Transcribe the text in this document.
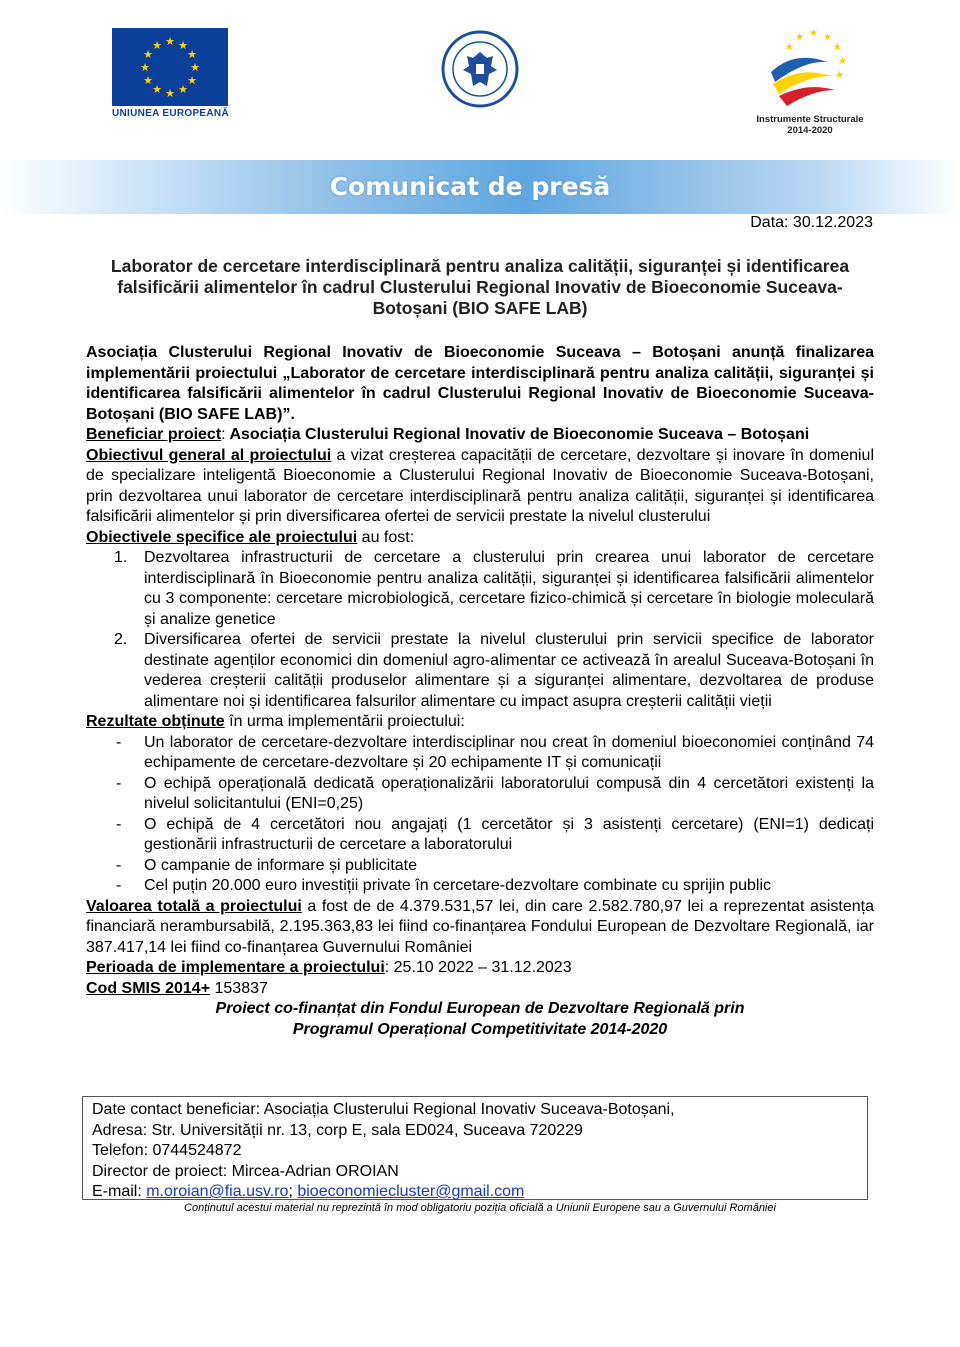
★ ★
★
★
★
★
★
★
★
★
★
★
UNIUNEA EUROPEANĂ
★ ★ ★
★
★
★
★
Instrumente Structurale
2014-2020
Comunicat de presă
Data: 30.12.2023
Laborator de cercetare interdisciplinară pentru analiza calității, siguranței și identificarea falsificării alimentelor în cadrul Clusterului Regional Inovativ de Bioeconomie Suceava-Botoșani (BIO SAFE LAB)

Asociația Clusterului Regional Inovativ de Bioeconomie Suceava – Botoșani anunță finalizarea implementării proiectului „Laborator de cercetare interdisciplinară pentru analiza calității, siguranței și identificarea falsificării alimentelor în cadrul Clusterului Regional Inovativ de Bioeconomie Suceava-Botoșani (BIO SAFE LAB)”.

Beneficiar proiect: Asociația Clusterului Regional Inovativ de Bioeconomie Suceava – Botoșani

Obiectivul general al proiectului a vizat creșterea capacității de cercetare, dezvoltare și inovare în domeniul de specializare inteligentă Bioeconomie a Clusterului Regional Inovativ de Bioeconomie Suceava-Botoșani, prin dezvoltarea unui laborator de cercetare interdisciplinară pentru analiza calității, siguranței și identificarea falsificării alimentelor și prin diversificarea ofertei de servicii prestate la nivelul clusterului

Obiectivele specifice ale proiectului au fost:

1. Dezvoltarea infrastructurii de cercetare a clusterului prin crearea unui laborator de cercetare interdisciplinară în Bioeconomie pentru analiza calității, siguranței și identificarea falsificării alimentelor cu 3 componente: cercetare microbiologică, cercetare fizico-chimică și cercetare în biologie moleculară și analize genetice
2. Diversificarea ofertei de servicii prestate la nivelul clusterului prin servicii specifice de laborator destinate agenților economici din domeniul agro-alimentar ce activează în arealul Suceava-Botoșani în vederea creșterii calității produselor alimentare și a siguranței alimentare, dezvoltarea de produse alimentare noi și identificarea falsurilor alimentare cu impact asupra creșterii calității vieții

Rezultate obținute în urma implementării proiectului:

- Un laborator de cercetare-dezvoltare interdisciplinar nou creat în domeniul bioeconomiei conținând 74 echipamente de cercetare-dezvoltare și 20 echipamente IT și comunicații
- O echipă operațională dedicată operaționalizării laboratorului compusă din 4 cercetători existenți la nivelul solicitantului (ENI=0,25)
- O echipă de 4 cercetători nou angajați (1 cercetător și 3 asistenți cercetare) (ENI=1) dedicați gestionării infrastructurii de cercetare a laboratorului
- O campanie de informare și publicitate
- Cel puțin 20.000 euro investiții private în cercetare-dezvoltare combinate cu sprijin public

Valoarea totală a proiectului a fost de de 4.379.531,57 lei, din care 2.582.780,97 lei a reprezentat asistența financiară nerambursabilă, 2.195.363,83 lei fiind co-finanțarea Fondului European de Dezvoltare Regională, iar 387.417,14 lei fiind co-finanțarea Guvernului României

Perioada de implementare a proiectului: 25.10 2022 – 31.12.2023

Cod SMIS 2014+ 153837

Proiect co-finanțat din Fondul European de Dezvoltare Regională prin

Programul Operațional Competitivitate 2014-2020

Date contact beneficiar: Asociația Clusterului Regional Inovativ Suceava-Botoșani,
Adresa: Str. Universității nr. 13, corp E, sala ED024, Suceava 720229
Telefon: 0744524872
Director de proiect: Mircea-Adrian OROIAN
E-mail: m.oroian@fia.usv.ro; bioeconomiecluster@gmail.com
Conținutul acestui material nu reprezintă în mod obligatoriu poziția oficială a Uniunii Europene sau a Guvernului României
